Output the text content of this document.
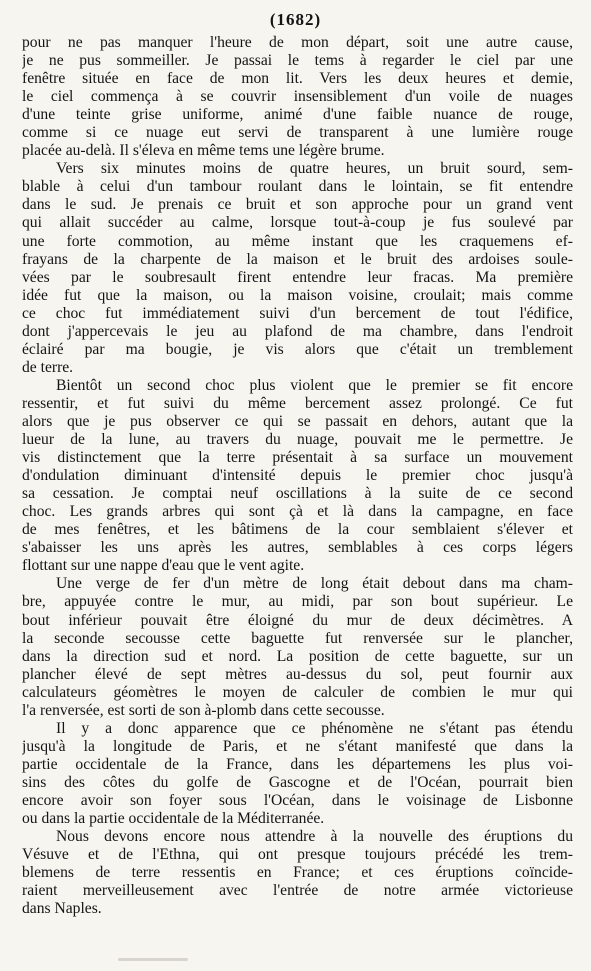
(1682)
pour ne pas manquer l'heure de mon départ, soit une autre cause,
je ne pus sommeiller. Je passai le tems à regarder le ciel par une
fenêtre située en face de mon lit. Vers les deux heures et demie,
le ciel commença à se couvrir insensiblement d'un voile de nuages
d'une teinte grise uniforme, animé d'une faible nuance de rouge,
comme si ce nuage eut servi de transparent à une lumière rouge
placée au-delà. Il s'éleva en même tems une légère brume.
Vers six minutes moins de quatre heures, un bruit sourd, sem-
blable à celui d'un tambour roulant dans le lointain, se fit entendre
dans le sud. Je prenais ce bruit et son approche pour un grand vent
qui allait succéder au calme, lorsque tout-à-coup je fus soulevé par
une forte commotion, au même instant que les craquemens ef-
frayans de la charpente de la maison et le bruit des ardoises soule-
vées par le soubresault firent entendre leur fracas. Ma première
idée fut que la maison, ou la maison voisine, croulait; mais comme
ce choc fut immédiatement suivi d'un bercement de tout l'édifice,
dont j'appercevais le jeu au plafond de ma chambre, dans l'endroit
éclairé par ma bougie, je vis alors que c'était un tremblement
de terre.
Bientôt un second choc plus violent que le premier se fit encore
ressentir, et fut suivi du même bercement assez prolongé. Ce fut
alors que je pus observer ce qui se passait en dehors, autant que la
lueur de la lune, au travers du nuage, pouvait me le permettre. Je
vis distinctement que la terre présentait à sa surface un mouvement
d'ondulation diminuant d'intensité depuis le premier choc jusqu'à
sa cessation. Je comptai neuf oscillations à la suite de ce second
choc. Les grands arbres qui sont çà et là dans la campagne, en face
de mes fenêtres, et les bâtimens de la cour semblaient s'élever et
s'abaisser les uns après les autres, semblables à ces corps légers
flottant sur une nappe d'eau que le vent agite.
Une verge de fer d'un mètre de long était debout dans ma cham-
bre, appuyée contre le mur, au midi, par son bout supérieur. Le
bout inférieur pouvait être éloigné du mur de deux décimètres. A
la seconde secousse cette baguette fut renversée sur le plancher,
dans la direction sud et nord. La position de cette baguette, sur un
plancher élevé de sept mètres au-dessus du sol, peut fournir aux
calculateurs géomètres le moyen de calculer de combien le mur qui
l'a renversée, est sorti de son à-plomb dans cette secousse.
Il y a donc apparence que ce phénomène ne s'étant pas étendu
jusqu'à la longitude de Paris, et ne s'étant manifesté que dans la
partie occidentale de la France, dans les départemens les plus voi-
sins des côtes du golfe de Gascogne et de l'Océan, pourrait bien
encore avoir son foyer sous l'Océan, dans le voisinage de Lisbonne
ou dans la partie occidentale de la Méditerranée.
Nous devons encore nous attendre à la nouvelle des éruptions du
Vésuve et de l'Ethna, qui ont presque toujours précédé les trem-
blemens de terre ressentis en France; et ces éruptions coïncide-
raient merveilleusement avec l'entrée de notre armée victorieuse
dans Naples.
